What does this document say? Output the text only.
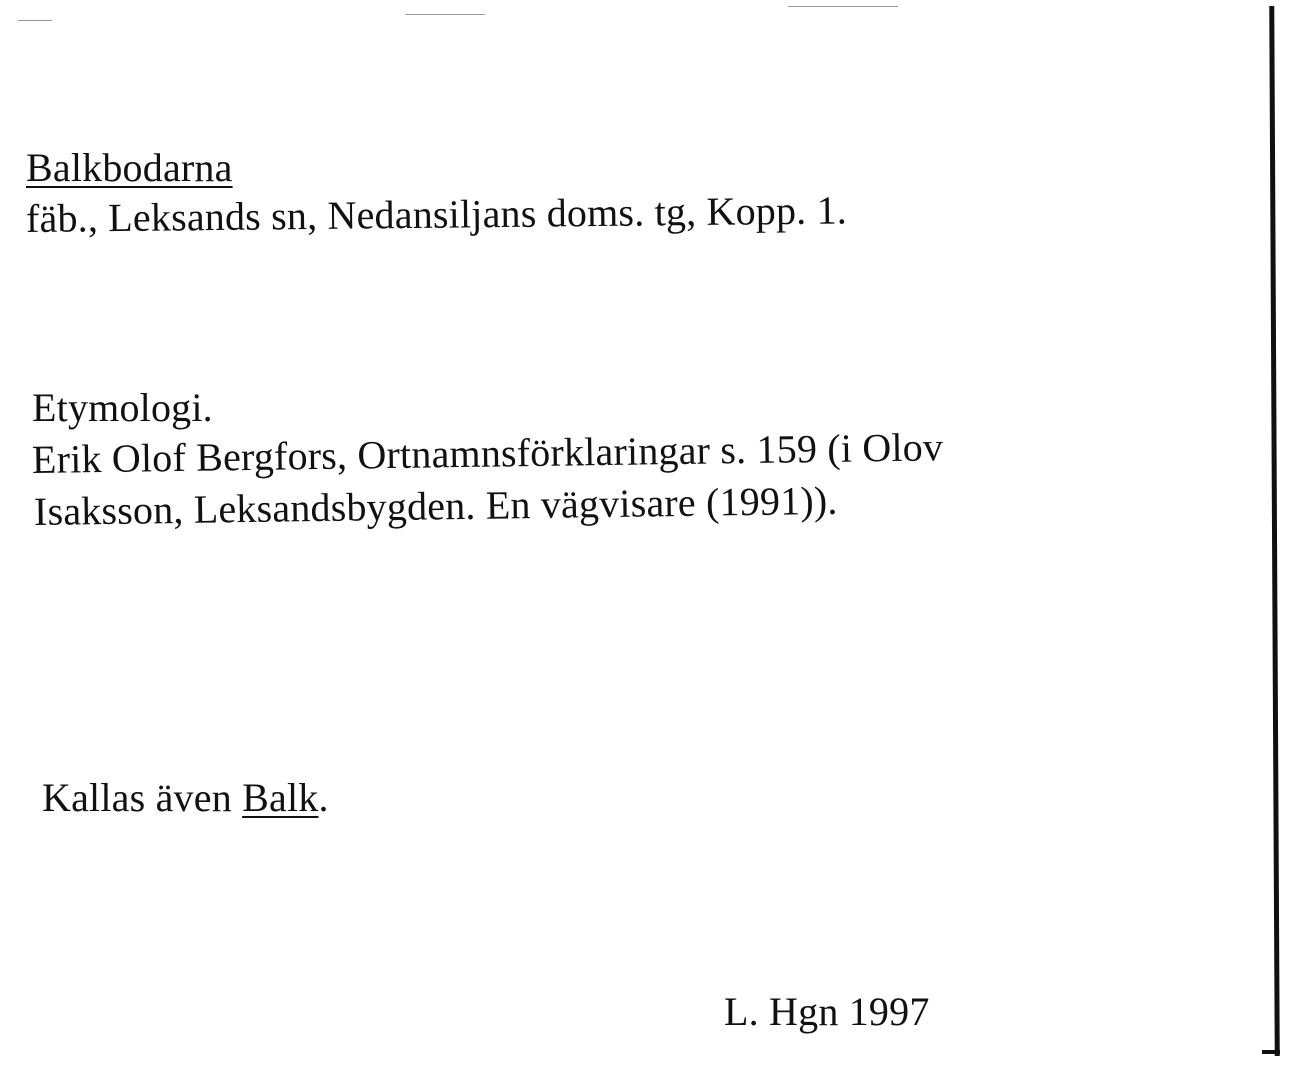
Balkbodarna
fäb., Leksands sn, Nedansiljans doms. tg, Kopp. 1.
Etymologi.
Erik Olof Bergfors, Ortnamnsförklaringar s. 159 (i Olov
Isaksson, Leksandsbygden. En vägvisare (1991)).
Kallas även Balk.
L. Hgn 1997
